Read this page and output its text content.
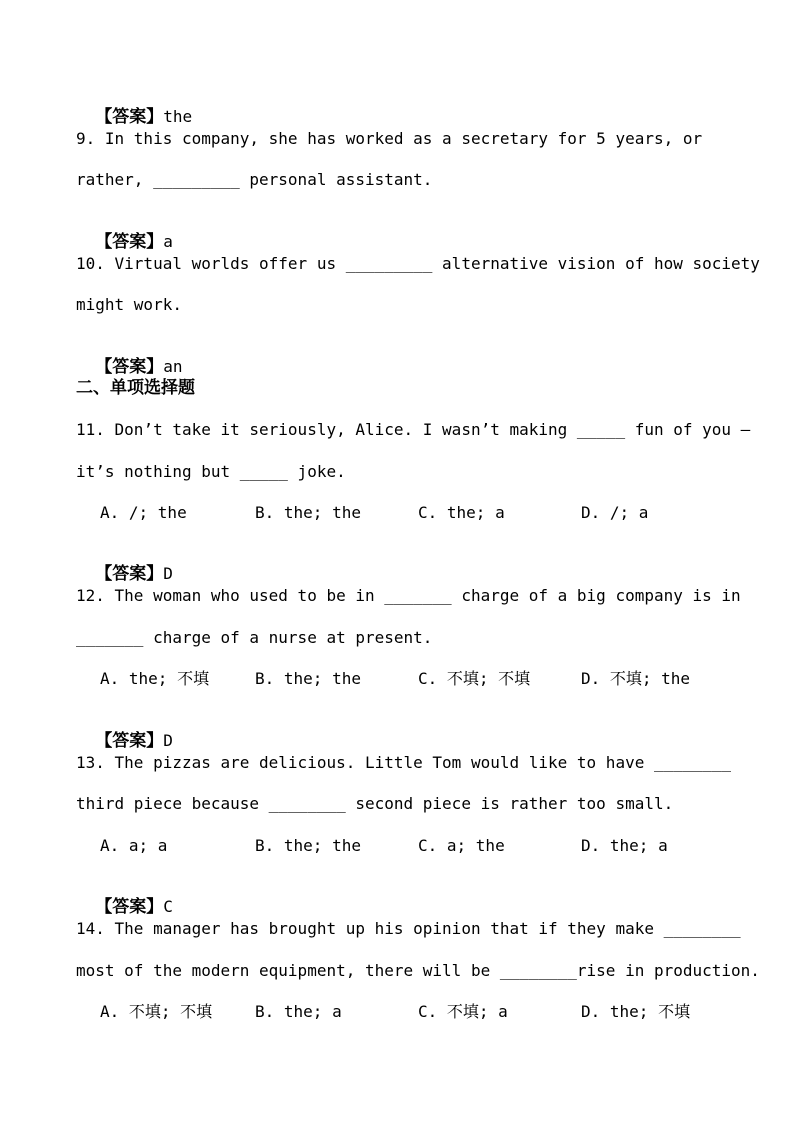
【答案】the

9. In this company, she has worked as a secretary for 5 years, or
rather, _________ personal assistant.

【答案】a

10. Virtual worlds offer us _________ alternative vision of how society
might work.

【答案】an

二、单项选择题
11. Don’t take it seriously, Alice. I wasn’t making _____ fun of you —
it’s nothing but _____ joke.
A. /; the	B. the; the	C. the; a	D. /; a

【答案】D

12. The woman who used to be in _______ charge of a big company is in
_______ charge of a nurse at present.
A. the; 不填	B. the; the	C. 不填; 不填	D. 不填; the

【答案】D

13. The pizzas are delicious. Little Tom would like to have ________
third piece because ________ second piece is rather too small.
A. a; a	B. the; the	C. a; the	D. the; a

【答案】C

14. The manager has brought up his opinion that if they make ________
most of the modern equipment, there will be ________rise in production.
A. 不填; 不填	B. the; a	C. 不填; a	D. the; 不填
